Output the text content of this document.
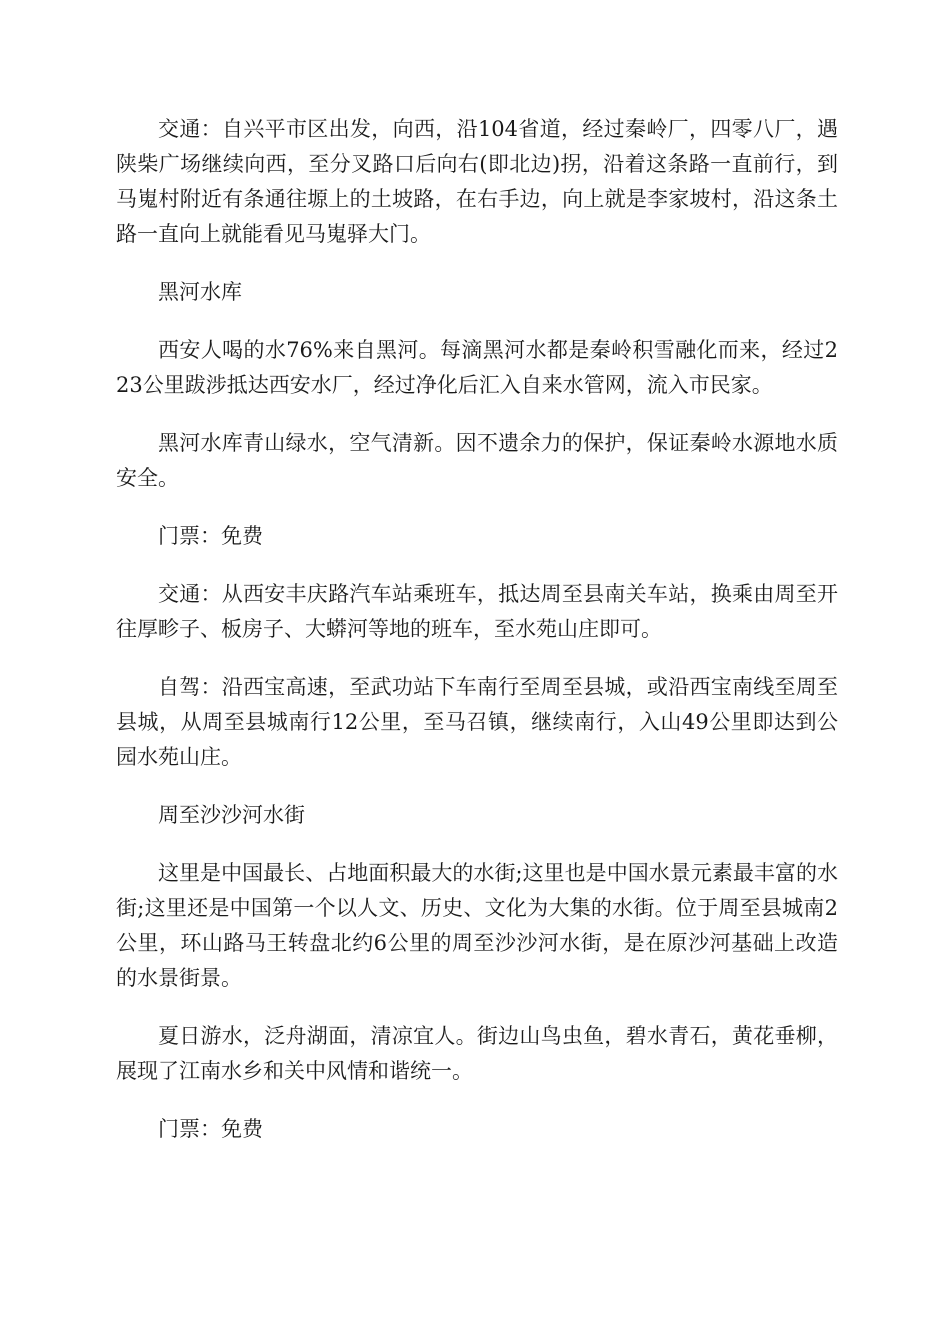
交通：自兴平市区出发，向西，沿104省道，经过秦岭厂，四零八厂，遇陕柴广场继续向西，至分叉路口后向右(即北边)拐，沿着这条路一直前行，到马嵬村附近有条通往塬上的土坡路，在右手边，向上就是李家坡村，沿这条土路一直向上就能看见马嵬驿大门。

黑河水库

西安人喝的水76%来自黑河。每滴黑河水都是秦岭积雪融化而来，经过223公里跋涉抵达西安水厂，经过净化后汇入自来水管网，流入市民家。

黑河水库青山绿水，空气清新。因不遗余力的保护，保证秦岭水源地水质安全。

门票：免费

交通：从西安丰庆路汽车站乘班车，抵达周至县南关车站，换乘由周至开往厚畛子、板房子、大蟒河等地的班车，至水苑山庄即可。

自驾：沿西宝高速，至武功站下车南行至周至县城，或沿西宝南线至周至县城，从周至县城南行12公里，至马召镇，继续南行，入山49公里即达到公园水苑山庄。

周至沙沙河水街

这里是中国最长、占地面积最大的水街;这里也是中国水景元素最丰富的水街;这里还是中国第一个以人文、历史、文化为大集的水街。位于周至县城南2公里，环山路马王转盘北约6公里的周至沙沙河水街，是在原沙河基础上改造的水景街景。

夏日游水，泛舟湖面，清凉宜人。街边山鸟虫鱼，碧水青石，黄花垂柳，展现了江南水乡和关中风情和谐统一。

门票：免费
